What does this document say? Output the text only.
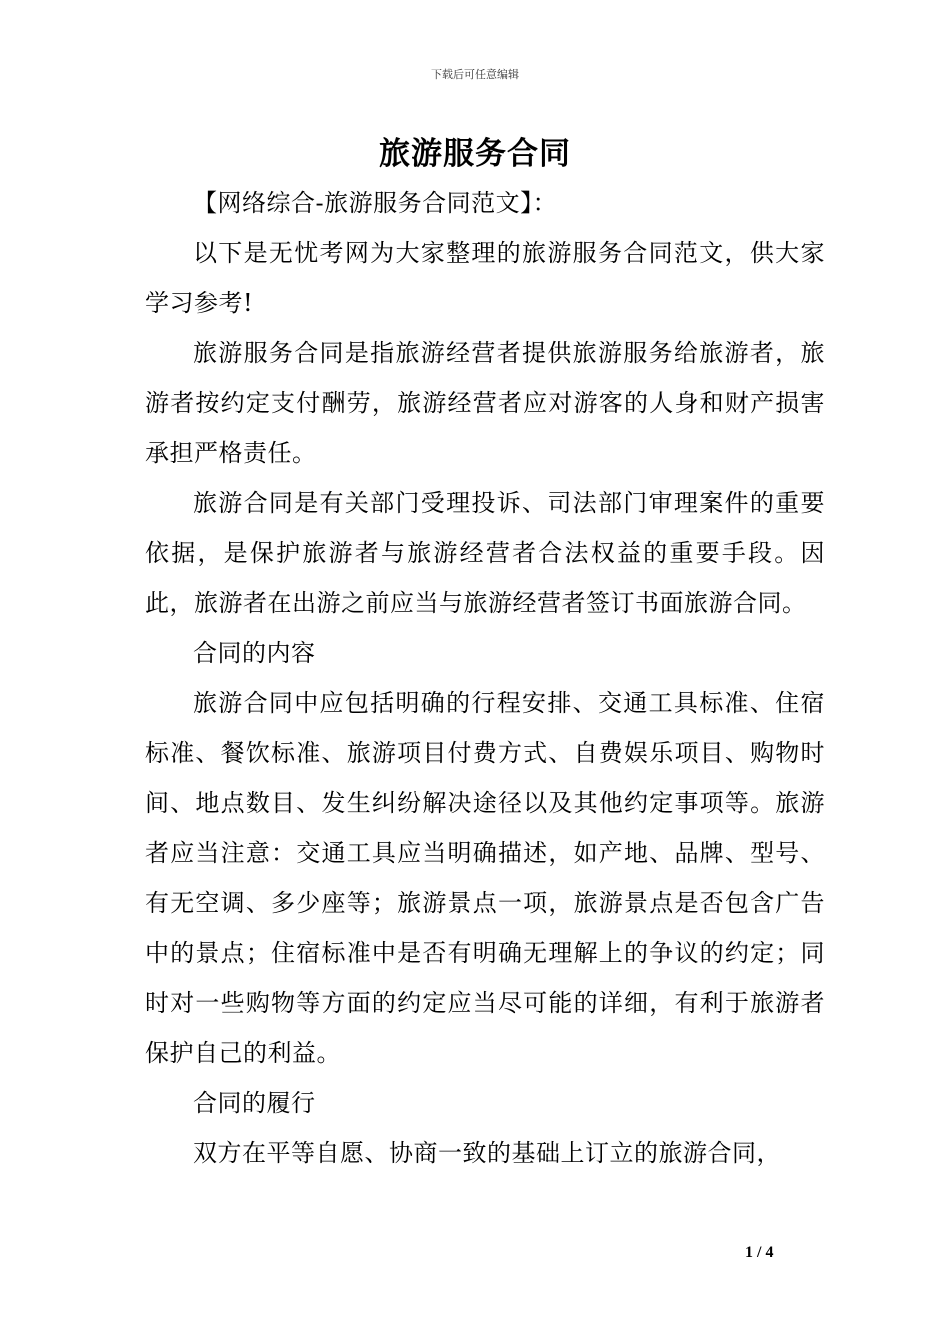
下载后可任意编辑
旅游服务合同

【网络综合-旅游服务合同范文】：

以下是无忧考网为大家整理的旅游服务合同范文，供大家学习参考!

旅游服务合同是指旅游经营者提供旅游服务给旅游者，旅游者按约定支付酬劳，旅游经营者应对游客的人身和财产损害承担严格责任。

旅游合同是有关部门受理投诉、司法部门审理案件的重要依据，是保护旅游者与旅游经营者合法权益的重要手段。因此，旅游者在出游之前应当与旅游经营者签订书面旅游合同。

合同的内容

旅游合同中应包括明确的行程安排、交通工具标准、住宿标准、餐饮标准、旅游项目付费方式、自费娱乐项目、购物时间、地点数目、发生纠纷解决途径以及其他约定事项等。旅游者应当注意：交通工具应当明确描述，如产地、品牌、型号、有无空调、多少座等；旅游景点一项，旅游景点是否包含广告中的景点；住宿标准中是否有明确无理解上的争议的约定；同时对一些购物等方面的约定应当尽可能的详细，有利于旅游者保护自己的利益。

合同的履行

双方在平等自愿、协商一致的基础上订立的旅游合同，

1 / 4
